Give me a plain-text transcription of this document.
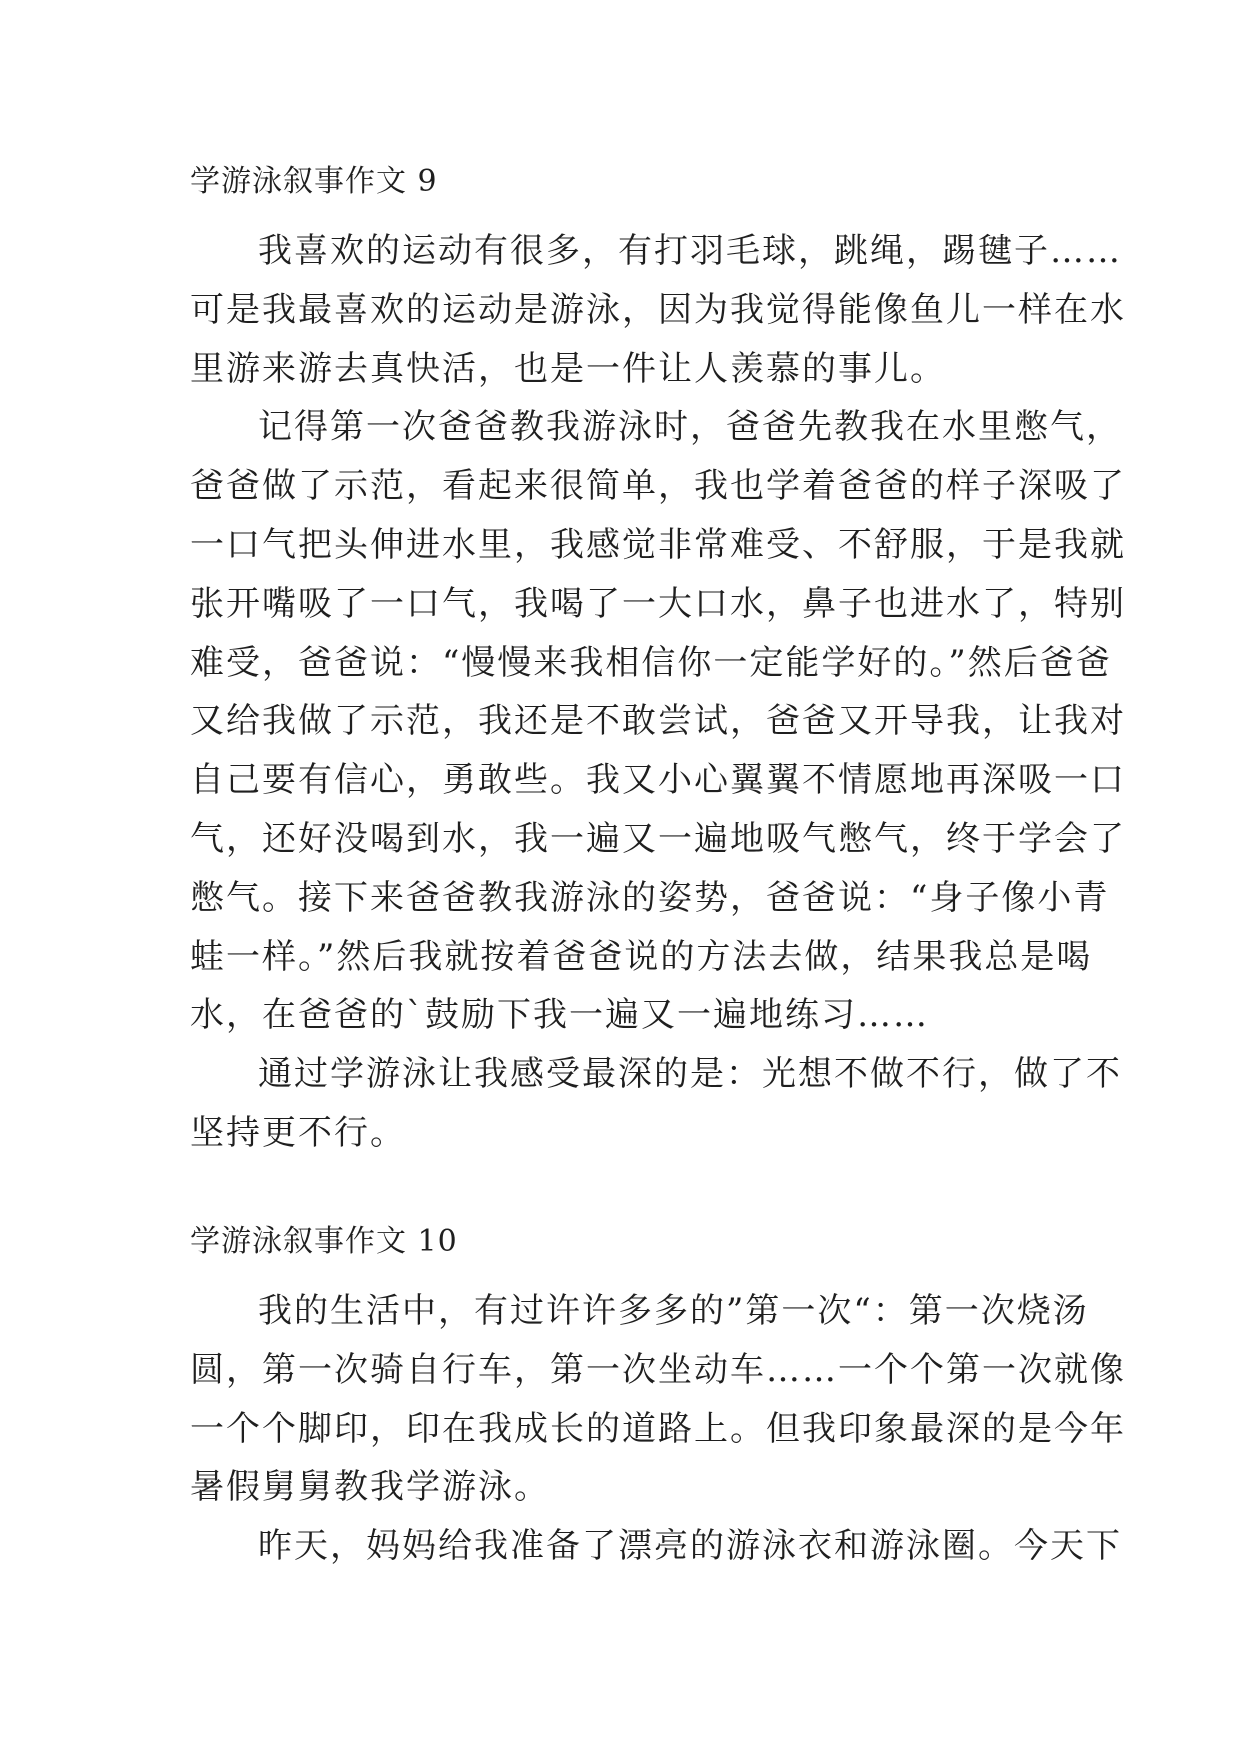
学游泳叙事作文 9
我喜欢的运动有很多，有打羽毛球，跳绳，踢毽子……
可是我最喜欢的运动是游泳，因为我觉得能像鱼儿一样在水
里游来游去真快活，也是一件让人羡慕的事儿。
记得第一次爸爸教我游泳时，爸爸先教我在水里憋气，
爸爸做了示范，看起来很简单，我也学着爸爸的样子深吸了
一口气把头伸进水里，我感觉非常难受、不舒服，于是我就
张开嘴吸了一口气，我喝了一大口水，鼻子也进水了，特别
难受，爸爸说：“慢慢来我相信你一定能学好的。”然后爸爸
又给我做了示范，我还是不敢尝试，爸爸又开导我，让我对
自己要有信心，勇敢些。我又小心翼翼不情愿地再深吸一口
气，还好没喝到水，我一遍又一遍地吸气憋气，终于学会了
憋气。接下来爸爸教我游泳的姿势，爸爸说：“身子像小青
蛙一样。”然后我就按着爸爸说的方法去做，结果我总是喝
水，在爸爸的`鼓励下我一遍又一遍地练习……
通过学游泳让我感受最深的是：光想不做不行，做了不
坚持更不行。
学游泳叙事作文 10
我的生活中，有过许许多多的”第一次“：第一次烧汤
圆，第一次骑自行车，第一次坐动车……一个个第一次就像
一个个脚印，印在我成长的道路上。但我印象最深的是今年
暑假舅舅教我学游泳。
昨天，妈妈给我准备了漂亮的游泳衣和游泳圈。今天下
